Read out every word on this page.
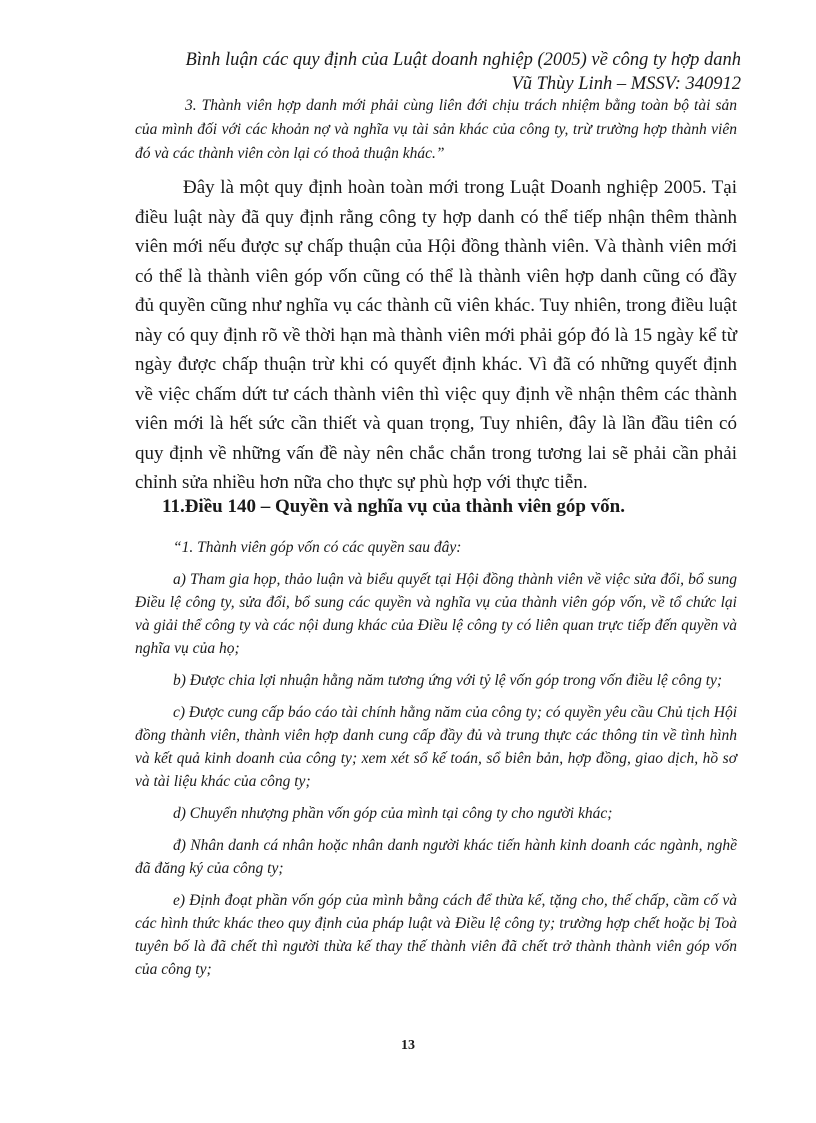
Bình luận các quy định của Luật doanh nghiệp (2005) về công ty hợp danh
Vũ Thùy Linh – MSSV: 340912

3. Thành viên hợp danh mới phải cùng liên đới chịu trách nhiệm bằng toàn bộ tài sản của mình đối với các khoản nợ và nghĩa vụ tài sản khác của công ty, trừ trường hợp thành viên đó và các thành viên còn lại có thoả thuận khác.”

Đây là một quy định hoàn toàn mới trong Luật Doanh nghiệp 2005. Tại điều luật này đã quy định rằng công ty hợp danh có thể tiếp nhận thêm thành viên mới nếu được sự chấp thuận của Hội đồng thành viên. Và thành viên mới có thể là thành viên góp vốn cũng có thể là thành viên hợp danh cũng có đầy đủ quyền cũng như nghĩa vụ các thành cũ viên khác. Tuy nhiên, trong điều luật này có quy định rõ về thời hạn mà thành viên mới phải góp đó là 15 ngày kể từ ngày được chấp thuận trừ khi có quyết định khác. Vì đã có những quyết định về việc chấm dứt tư cách thành viên thì việc quy định về nhận thêm các thành viên mới là hết sức cần thiết và quan trọng, Tuy nhiên, đây là lần đầu tiên có quy định về những vấn đề này nên chắc chắn trong tương lai sẽ phải cần phải chỉnh sửa nhiều hơn nữa cho thực sự phù hợp với thực tiễn.

11.Điều 140 – Quyền và nghĩa vụ của thành viên góp vốn.

“1. Thành viên góp vốn có các quyền sau đây:

a) Tham gia họp, thảo luận và biểu quyết tại Hội đồng thành viên về việc sửa đổi, bổ sung Điều lệ công ty, sửa đổi, bổ sung các quyền và nghĩa vụ của thành viên góp vốn, về tổ chức lại và giải thể công ty và các nội dung khác của Điều lệ công ty có liên quan trực tiếp đến quyền và nghĩa vụ của họ;

b) Được chia lợi nhuận hằng năm tương ứng với tỷ lệ vốn góp trong vốn điều lệ công ty;

c) Được cung cấp báo cáo tài chính hằng năm của công ty; có quyền yêu cầu Chủ tịch Hội đồng thành viên, thành viên hợp danh cung cấp đầy đủ và trung thực các thông tin về tình hình và kết quả kinh doanh của công ty; xem xét sổ kế toán, sổ biên bản, hợp đồng, giao dịch, hồ sơ và tài liệu khác của công ty;

d) Chuyển nhượng phần vốn góp của mình tại công ty cho người khác;

đ) Nhân danh cá nhân hoặc nhân danh người khác tiến hành kinh doanh các ngành, nghề đã đăng ký của công ty;

e) Định đoạt phần vốn góp của mình bằng cách để thừa kế, tặng cho, thế chấp, cầm cố và các hình thức khác theo quy định của pháp luật và Điều lệ công ty; trường hợp chết hoặc bị Toà tuyên bố là đã chết thì người thừa kế thay thế thành viên đã chết trở thành thành viên góp vốn của công ty;

13
